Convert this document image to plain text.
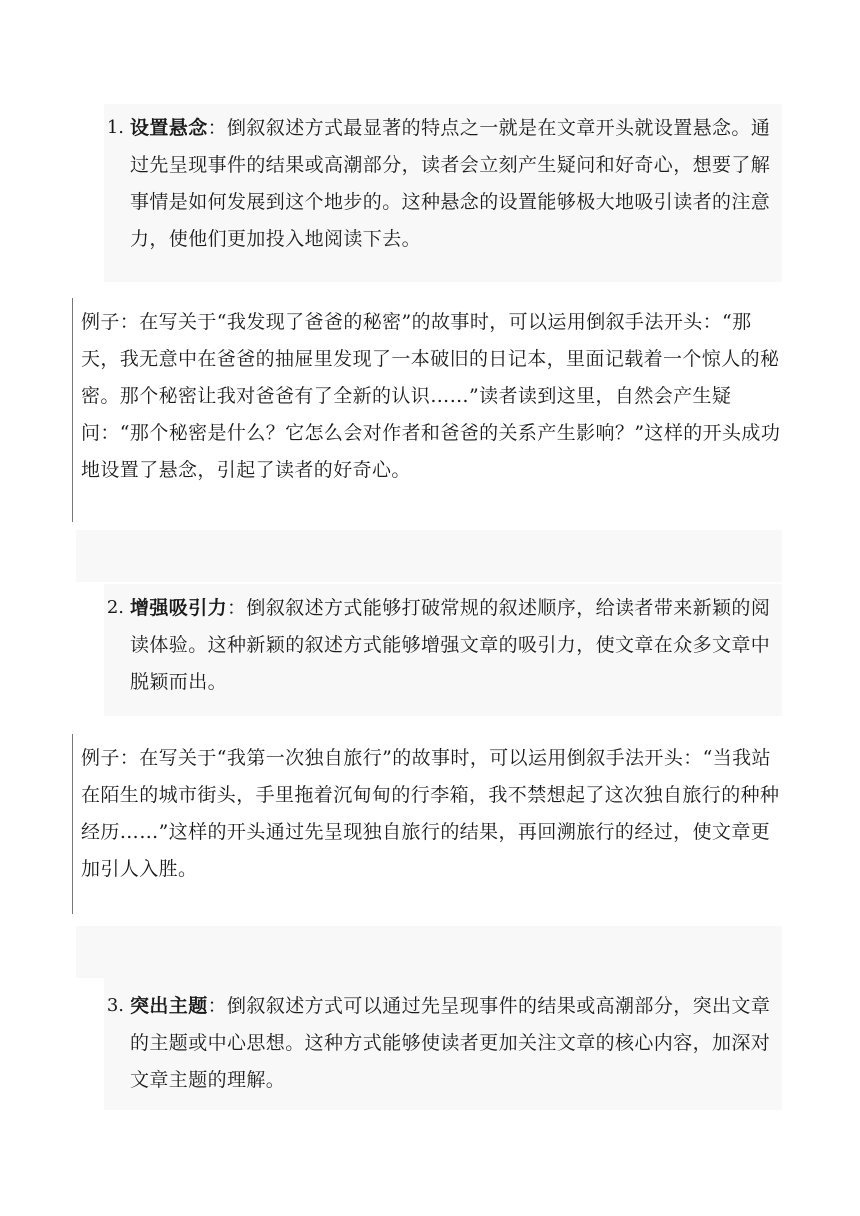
1. 设置悬念：倒叙叙述方式最显著的特点之一就是在文章开头就设置悬念。通过先呈现事件的结果或高潮部分，读者会立刻产生疑问和好奇心，想要了解事情是如何发展到这个地步的。这种悬念的设置能够极大地吸引读者的注意力，使他们更加投入地阅读下去。
例子：在写关于“我发现了爸爸的秘密”的故事时，可以运用倒叙手法开头：“那天，我无意中在爸爸的抽屉里发现了一本破旧的日记本，里面记载着一个惊人的秘密。那个秘密让我对爸爸有了全新的认识……”读者读到这里，自然会产生疑问：“那个秘密是什么？它怎么会对作者和爸爸的关系产生影响？”这样的开头成功地设置了悬念，引起了读者的好奇心。
2. 增强吸引力：倒叙叙述方式能够打破常规的叙述顺序，给读者带来新颖的阅读体验。这种新颖的叙述方式能够增强文章的吸引力，使文章在众多文章中脱颖而出。
例子：在写关于“我第一次独自旅行”的故事时，可以运用倒叙手法开头：“当我站在陌生的城市街头，手里拖着沉甸甸的行李箱，我不禁想起了这次独自旅行的种种经历……”这样的开头通过先呈现独自旅行的结果，再回溯旅行的经过，使文章更加引人入胜。
3. 突出主题：倒叙叙述方式可以通过先呈现事件的结果或高潮部分，突出文章的主题或中心思想。这种方式能够使读者更加关注文章的核心内容，加深对文章主题的理解。
